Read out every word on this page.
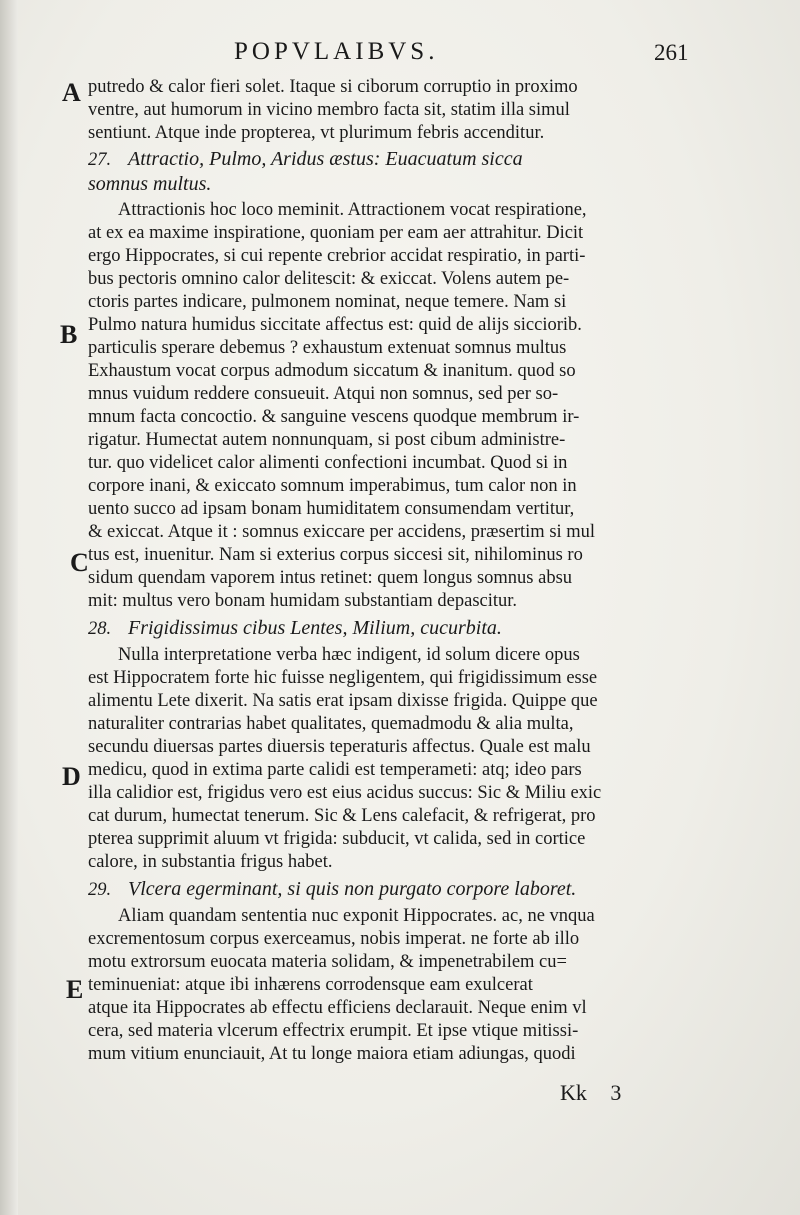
POPVLAIBVS.	261
A
B
C
D
E
putredo & calor fieri solet. Itaque si ciborum corruptio in proximo
ventre, aut humorum in vicino membro facta sit, statim illa simul
sentiunt. Atque inde propterea, vt plurimum febris accenditur.
27. Attractio, Pulmo, Aridus æstus: Euacuatum sicca
somnus multus.
Attractionis hoc loco meminit. Attractionem vocat respiratione,
at ex ea maxime inspiratione, quoniam per eam aer attrahitur. Dicit
ergo Hippocrates, si cui repente crebrior accidat respiratio, in parti-
bus pectoris omnino calor delitescit: & exiccat. Volens autem pe-
ctoris partes indicare, pulmonem nominat, neque temere. Nam si
Pulmo natura humidus siccitate affectus est: quid de alijs sicciorib.
particulis sperare debemus ? exhaustum extenuat somnus multus
Exhaustum vocat corpus admodum siccatum & inanitum. quod so
mnus vuidum reddere consueuit. Atqui non somnus, sed per so-
mnum facta concoctio. & sanguine vescens quodque membrum ir-
rigatur. Humectat autem nonnunquam, si post cibum administre-
tur. quo videlicet calor alimenti confectioni incumbat. Quod si in
corpore inani, & exiccato somnum imperabimus, tum calor non in
uento succo ad ipsam bonam humiditatem consumendam vertitur,
& exiccat. Atque it : somnus exiccare per accidens, præsertim si mul
tus est, inuenitur. Nam si exterius corpus siccesi sit, nihilominus ro
sidum quendam vaporem intus retinet: quem longus somnus absu
mit: multus vero bonam humidam substantiam depascitur.
28. Frigidissimus cibus Lentes, Milium, cucurbita.
Nulla interpretatione verba hæc indigent, id solum dicere opus
est Hippocratem forte hic fuisse negligentem, qui frigidissimum esse
alimentu Lete dixerit. Na satis erat ipsam dixisse frigida. Quippe que
naturaliter contrarias habet qualitates, quemadmodu & alia multa,
secundu diuersas partes diuersis teperaturis affectus. Quale est malu
medicu, quod in extima parte calidi est temperameti: atq; ideo pars
illa calidior est, frigidus vero est eius acidus succus: Sic & Miliu exic
cat durum, humectat tenerum. Sic & Lens calefacit, & refrigerat, pro
pterea supprimit aluum vt frigida: subducit, vt calida, sed in cortice
calore, in substantia frigus habet.
29. Vlcera egerminant, si quis non purgato corpore laboret.
Aliam quandam sententia nuc exponit Hippocrates. ac, ne vnqua
excrementosum corpus exerceamus, nobis imperat. ne forte ab illo
motu extrorsum euocata materia solidam, & impenetrabilem cu=
teminueniat: atque ibi inhærens corrodensque eam exulcerat
atque ita Hippocrates ab effectu efficiens declarauit. Neque enim vl
cera, sed materia vlcerum effectrix erumpit. Et ipse vtique mitissi-
mum vitium enunciauit, At tu longe maiora etiam adiungas, quodi
Kk 3
